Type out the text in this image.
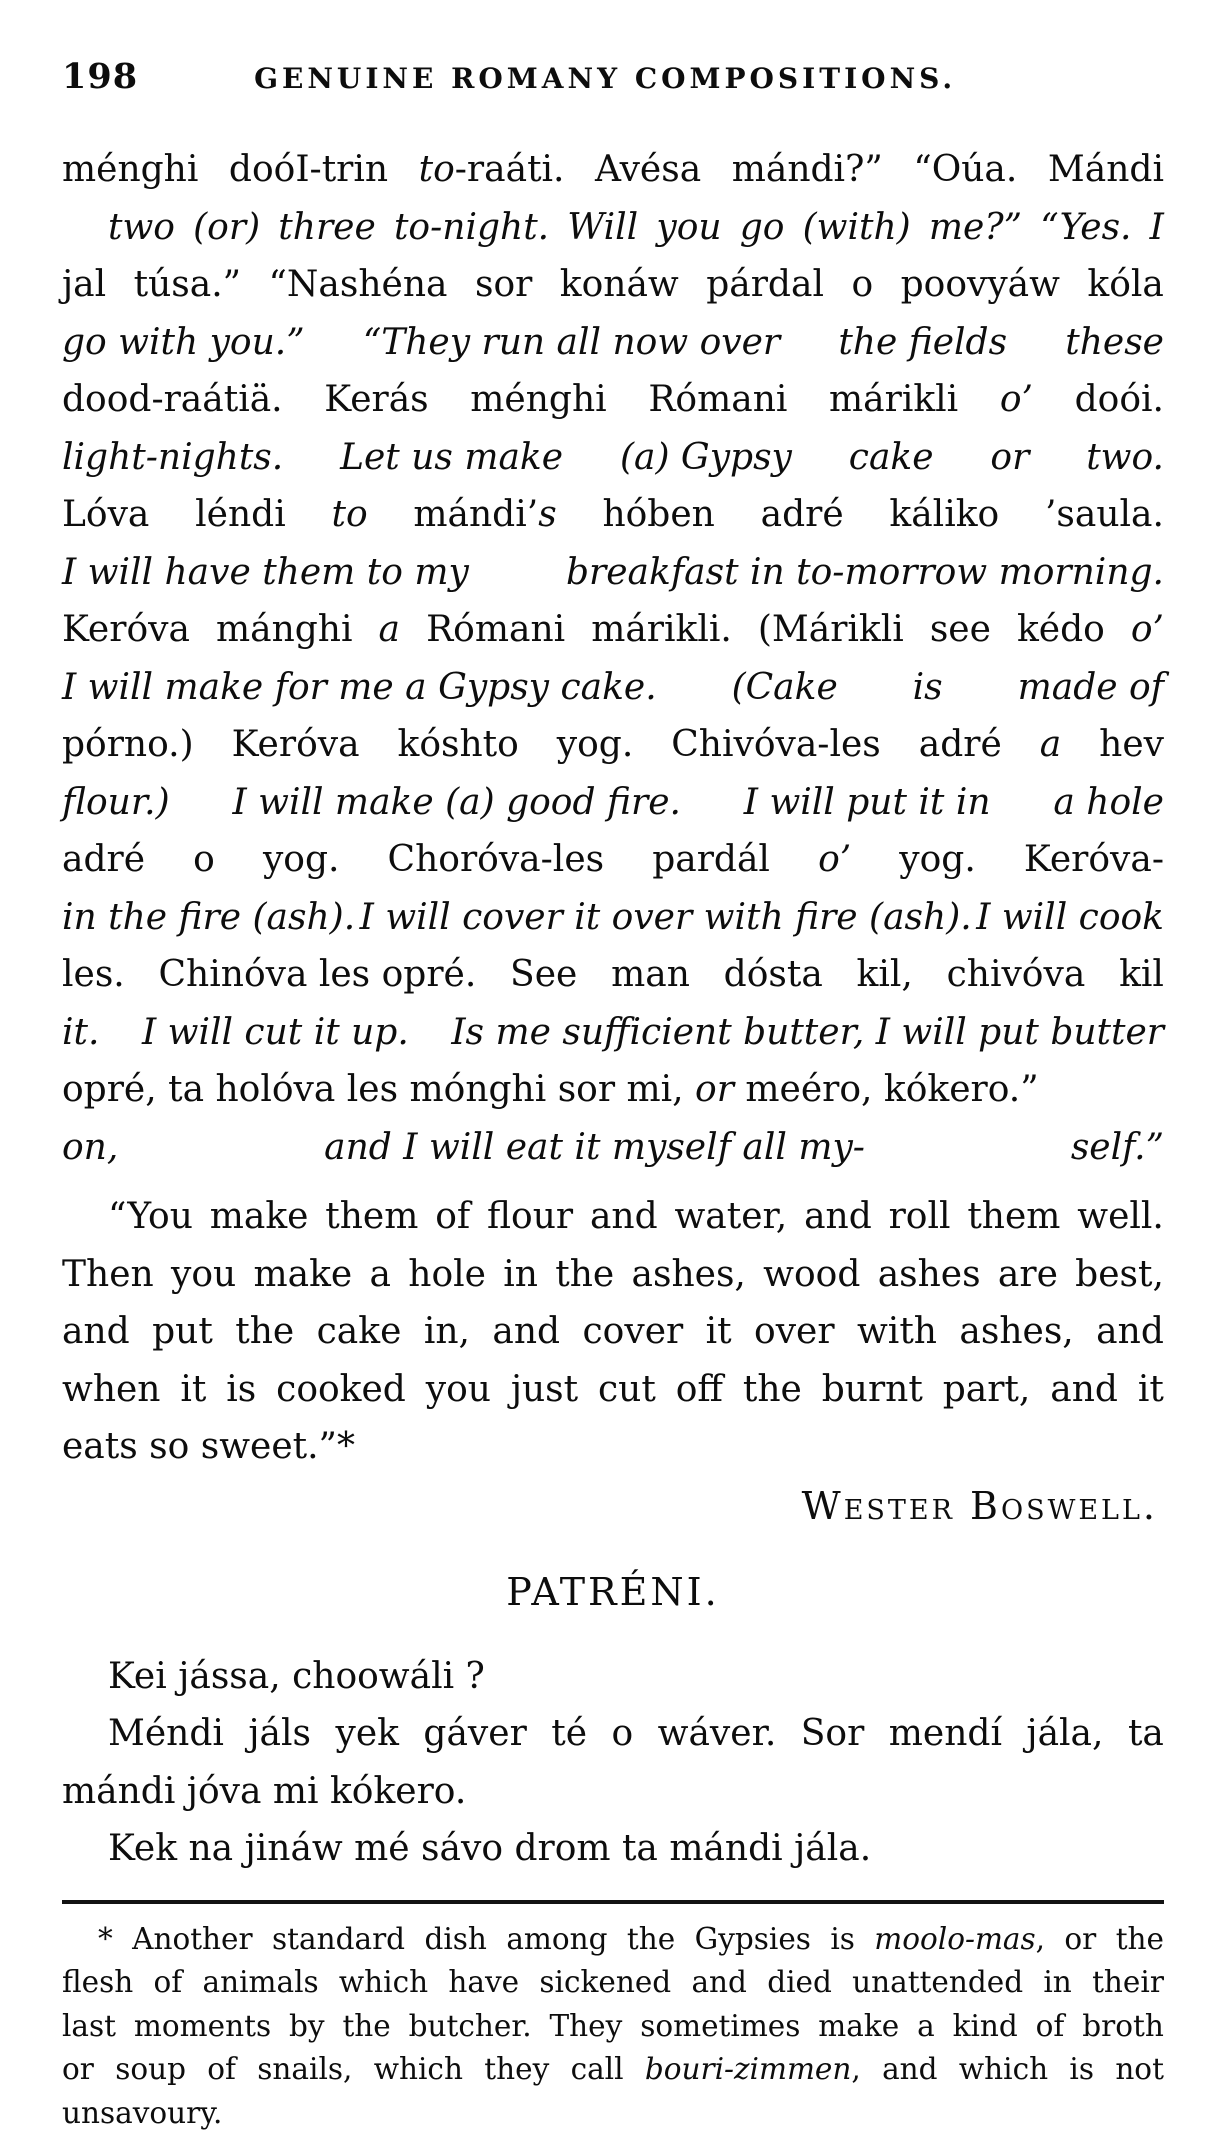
198	GENUINE ROMANY COMPOSITIONS.
ménghi doóI-trin to-raáti. Avésa mándi?” “Oúa. Mándi
two (or) three to-night. Will you go (with) me?” “Yes. I
jal túsa.” “Nashéna sor konáw párdal o poovyáw kóla
go with you.” “They run all now over the fields these
dood-raátiä. Kerás ménghi Rómani márikli o’ doói.
light-nights. Let us make (a) Gypsy cake or two.
Lóva léndi to mándi’s hóben adré káliko ’saula.
I will have them to my	breakfast in to-morrow morning.
Keróva mánghi a Rómani márikli. (Márikli see kédo o’
I will make for me a Gypsy cake. (Cake is made of
pórno.) Keróva kóshto yog. Chivóva-les adré a hev
flour.) I will make (a) good fire. I will put it in a hole
adré o yog. Choróva-les pardál o’ yog. Keróva-
in the fire (ash). I will cover it over with fire (ash). I will cook
les. Chinóva les opré. See man dósta kil, chivóva kil
it. I will cut it up. Is me sufficient butter, I will put butter
opré, ta holóva les mónghi sor mi, or meéro, kókero.”
on,	and I will eat it myself all my-	self.”
“You make them of flour and water, and roll them well.
Then you make a hole in the ashes, wood ashes are best,
and put the cake in, and cover it over with ashes, and
when it is cooked you just cut off the burnt part, and it
eats so sweet.”*
Wester Boswell.
PATRÉNI.
Kei jássa, choowáli ?
Méndi jáls yek gáver té o wáver. Sor mendí jála, ta
mándi jóva mi kókero.
Kek na jináw mé sávo drom ta mándi jála.
* Another standard dish among the Gypsies is moolo-mas, or the
flesh of animals which have sickened and died unattended in their
last moments by the butcher. They sometimes make a kind of broth
or soup of snails, which they call bouri-zimmen, and which is not
unsavoury.
